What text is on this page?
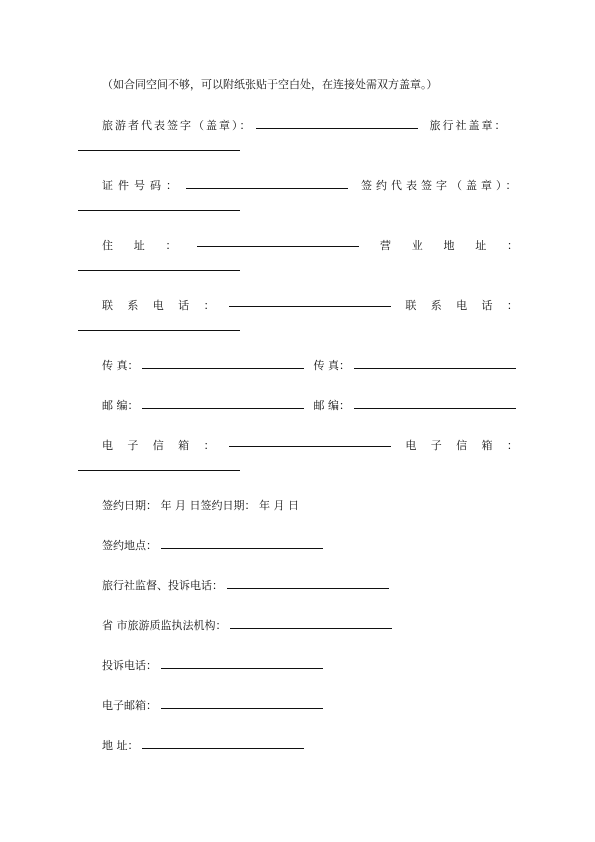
（如合同空间不够，可以附纸张贴于空白处，在连接处需双方盖章。）
旅游者代表签字（盖章）：	旅行社盖章：
证件号码：	签约代表签字（盖章）：
住 址 ：	营 业 地 址 ：
联 系 电 话 ：	联 系 电 话 ：
传 真：	传 真：
邮 编：	邮 编：
电 子 信 箱 ：	电 子 信 箱 ：
签约日期： 年 月 日签约日期： 年 月 日
签约地点：
旅行社监督、投诉电话：
省 市旅游质监执法机构：
投诉电话：
电子邮箱：
地 址：
